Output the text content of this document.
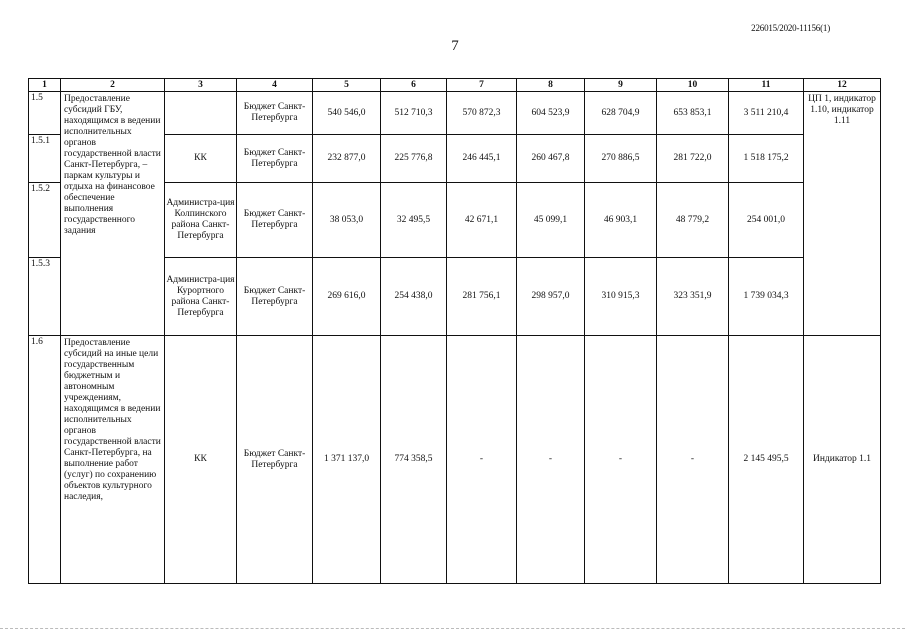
226015/2020-11156(1)
7
1	2	3	4	5	6	7	8	9	10	11	12
1.5	Предоставление субсидий ГБУ, находящимся в ведении исполнительных органов государственной власти Санкт-Петербурга, – паркам культуры и отдыха на финансовое обеспечение выполнения государственного задания		Бюджет Санкт-Петербурга	540 546,0	512 710,3	570 872,3	604 523,9	628 704,9	653 853,1	3 511 210,4	ЦП 1, индикатор 1.10, индикатор 1.11
1.5.1		КК	Бюджет Санкт-Петербурга	232 877,0	225 776,8	246 445,1	260 467,8	270 886,5	281 722,0	1 518 175,2	
1.5.2		Администра-ция Колпинского района Санкт-Петербурга	Бюджет Санкт-Петербурга	38 053,0	32 495,5	42 671,1	45 099,1	46 903,1	48 779,2	254 001,0	
1.5.3		Администра-ция Курортного района Санкт-Петербурга	Бюджет Санкт-Петербурга	269 616,0	254 438,0	281 756,1	298 957,0	310 915,3	323 351,9	1 739 034,3	
1.6	Предоставление субсидий на иные цели государственным бюджетным и автономным учреждениям, находящимся в ведении исполнительных органов государственной власти Санкт-Петербурга, на выполнение работ (услуг) по сохранению объектов культурного наследия,	КК	Бюджет Санкт-Петербурга	1 371 137,0	774 358,5	-	-	-	-	2 145 495,5	Индикатор 1.1
